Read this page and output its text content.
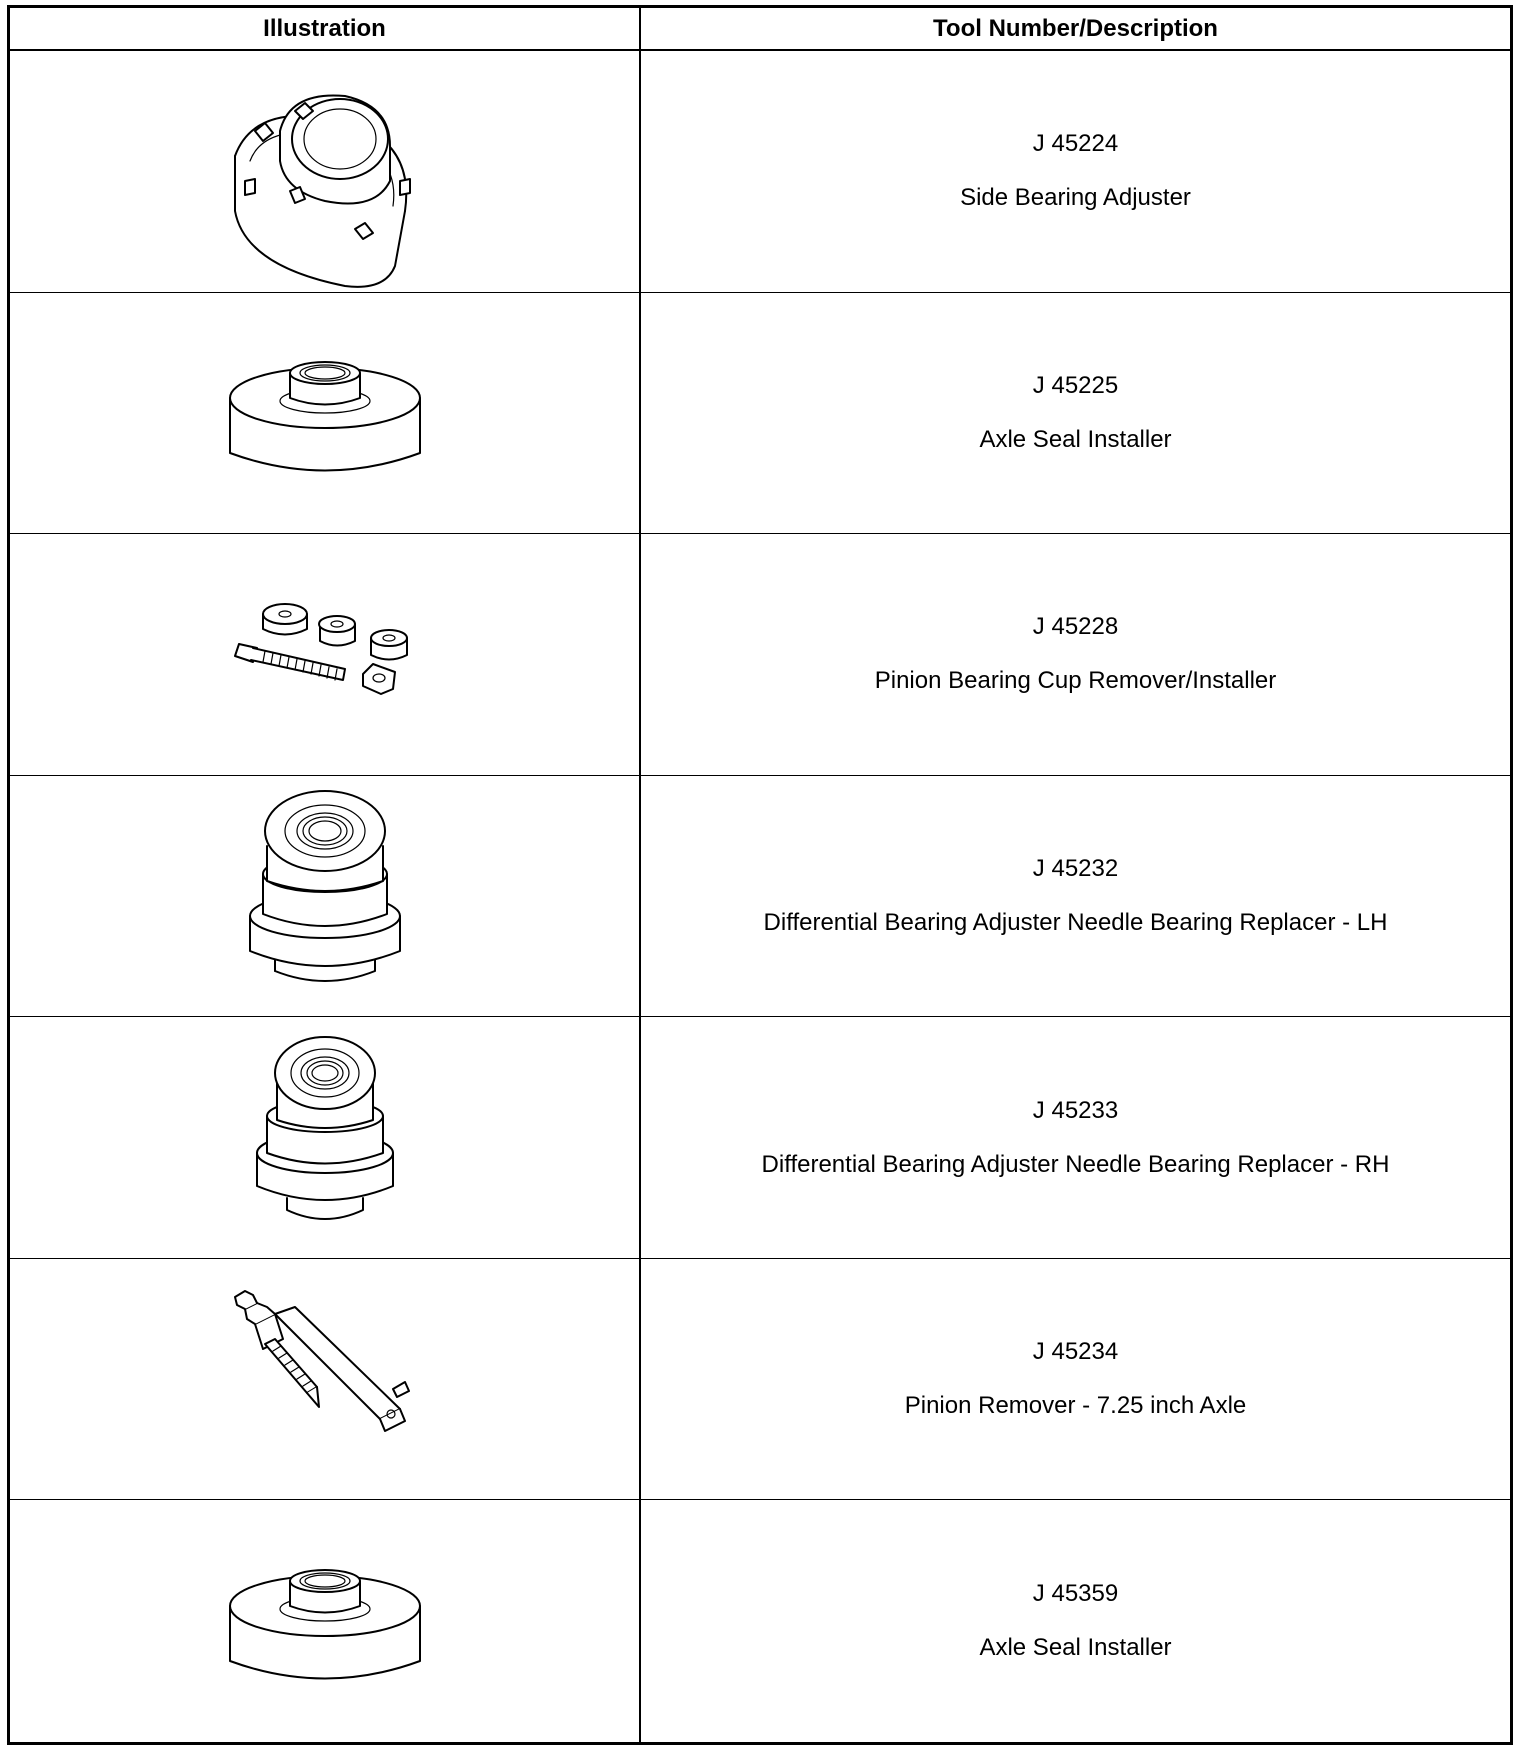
Illustration	Tool Number/Description
J 45224
Side Bearing Adjuster
J 45225
Axle Seal Installer
J 45228
Pinion Bearing Cup Remover/Installer
J 45232
Differential Bearing Adjuster Needle Bearing Replacer - LH
J 45233
Differential Bearing Adjuster Needle Bearing Replacer - RH
J 45234
Pinion Remover - 7.25 inch Axle
J 45359
Axle Seal Installer
